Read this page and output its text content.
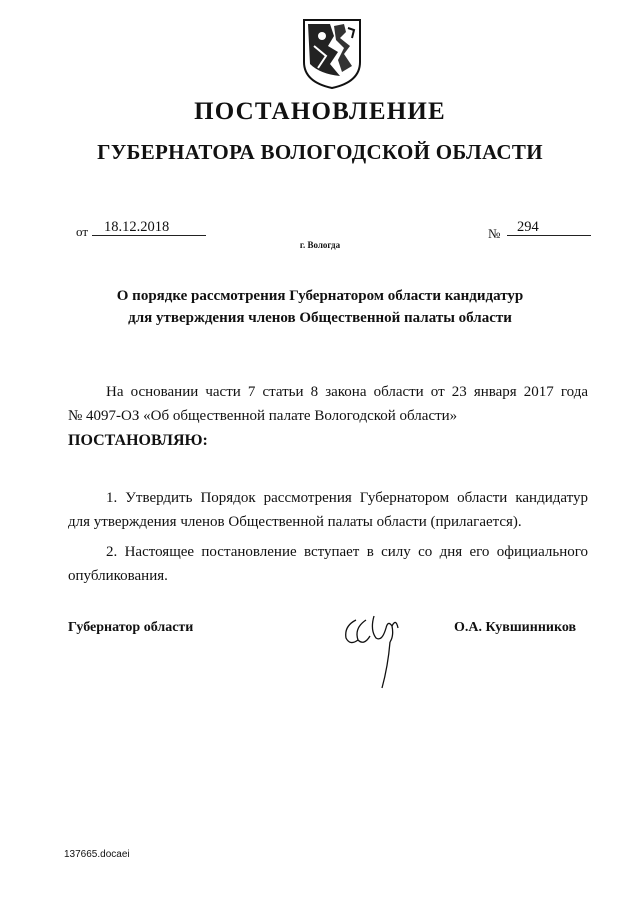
ПОСТАНОВЛЕНИЕ
ГУБЕРНАТОРА ВОЛОГОДСКОЙ ОБЛАСТИ
от	18.12.2018	№	294
г. Вологда
О порядке рассмотрения Губернатором области кандидатур
для утверждения членов Общественной палаты области
На основании части 7 статьи 8 закона области от 23 января 2017 года
№ 4097-ОЗ «Об общественной палате Вологодской области»
ПОСТАНОВЛЯЮ:
1. Утвердить Порядок рассмотрения Губернатором области кандидатур
для утверждения членов Общественной палаты области (прилагается).
2. Настоящее постановление вступает в силу со дня его официального
опубликования.
Губернатор области	О.А. Кувшинников
137665.docaei
